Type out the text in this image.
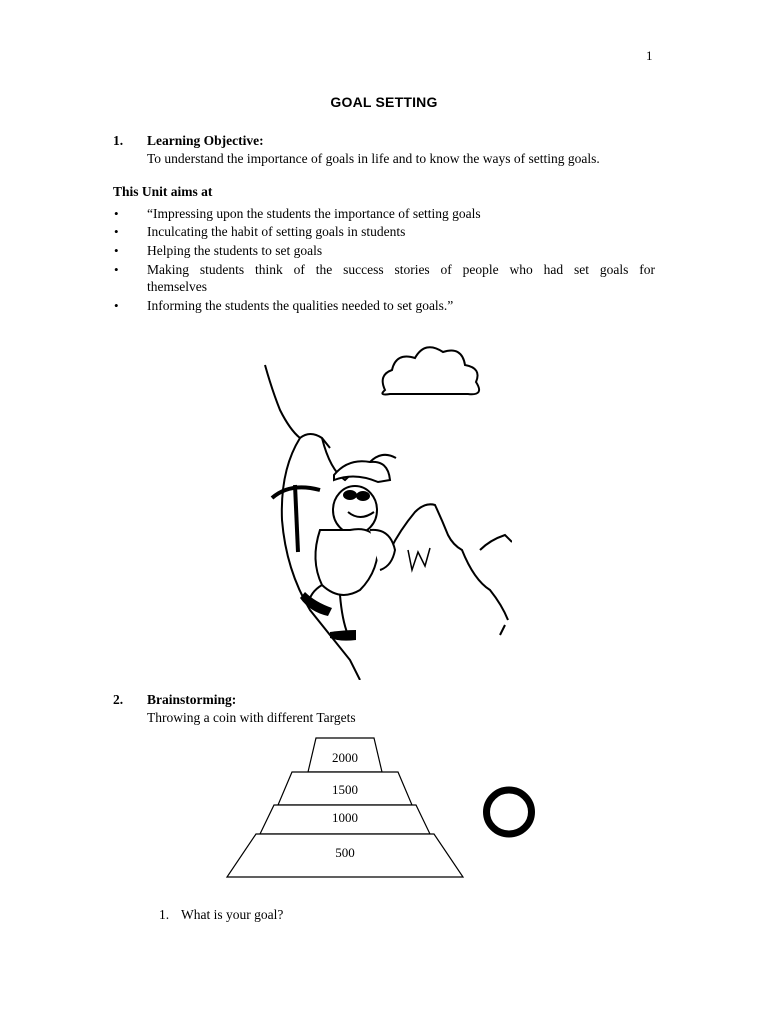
1
GOAL SETTING
1. Learning Objective:
To understand the importance of goals in life and to know the ways of setting goals.
This Unit aims at
• “Impressing upon the students the importance of setting goals
• Inculcating the habit of setting goals in students
• Helping the students to set goals
• Making students think of the success stories of people who had set goals for
themselves
• Informing the students the qualities needed to set goals.”
2. Brainstorming:
Throwing a coin with different Targets
2000
1500
1000
500
1. What is your goal?
